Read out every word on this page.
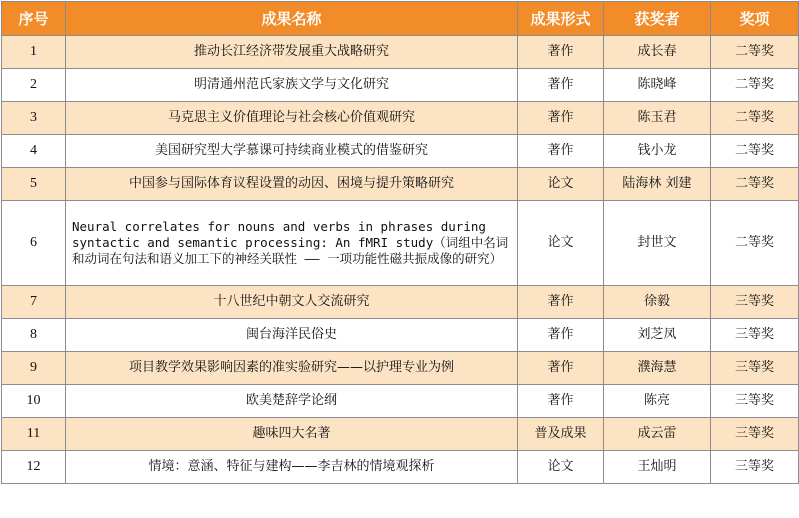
序号	成果名称	成果形式	获奖者	奖项
1	推动长江经济带发展重大战略研究	著作	成长春	二等奖
2	明清通州范氏家族文学与文化研究	著作	陈晓峰	二等奖
3	马克思主义价值理论与社会核心价值观研究	著作	陈玉君	二等奖
4	美国研究型大学慕课可持续商业模式的借鉴研究	著作	钱小龙	二等奖
5	中国参与国际体育议程设置的动因、困境与提升策略研究	论文	陆海林 刘建	二等奖
6	Neural correlates for nouns and verbs in phrases during syntactic and semantic processing: An fMRI study（词组中名词和动词在句法和语义加工下的神经关联性 —— 一项功能性磁共振成像的研究）	论文	封世文	二等奖
7	十八世纪中朝文人交流研究	著作	徐毅	三等奖
8	闽台海洋民俗史	著作	刘芝凤	三等奖
9	项目教学效果影响因素的准实验研究——以护理专业为例	著作	濮海慧	三等奖
10	欧美楚辞学论纲	著作	陈亮	三等奖
11	趣味四大名著	普及成果	成云雷	三等奖
12	情境：意涵、特征与建构——李吉林的情境观探析	论文	王灿明	三等奖
